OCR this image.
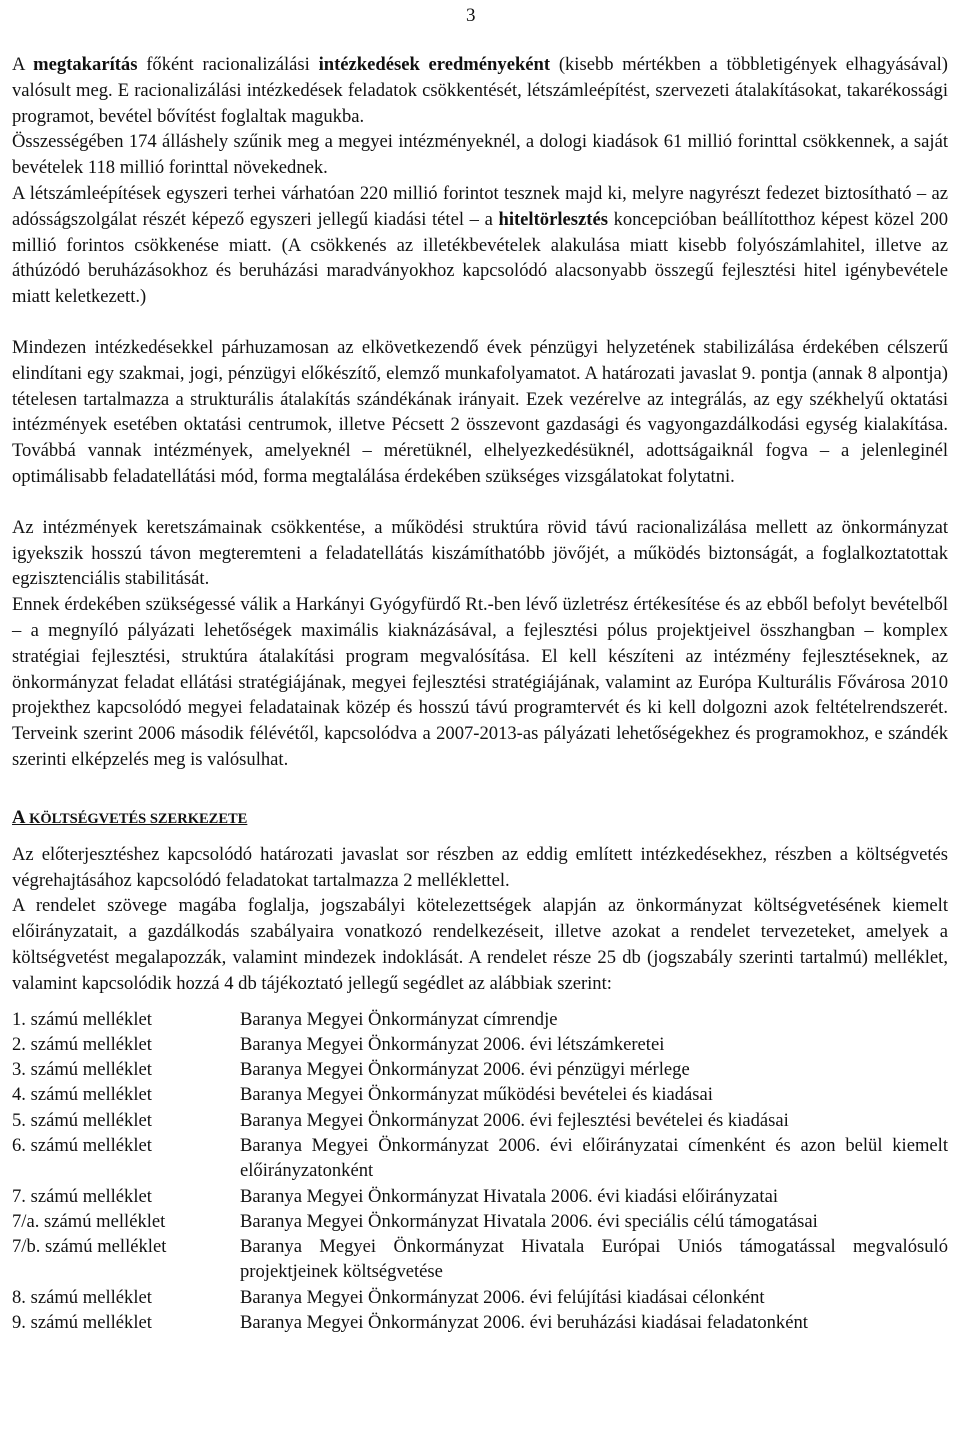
3

A megtakarítás főként racionalizálási intézkedések eredményeként (kisebb mértékben a többletigények elhagyásával) valósult meg. E racionalizálási intézkedések feladatok csökkentését, létszámleépítést, szervezeti átalakításokat, takarékossági programot, bevétel bővítést foglaltak magukba.

Összességében 174 álláshely szűnik meg a megyei intézményeknél, a dologi kiadások 61 millió forinttal csökkennek, a saját bevételek 118 millió forinttal növekednek.

A létszámleépítések egyszeri terhei várhatóan 220 millió forintot tesznek majd ki, melyre nagyrészt fedezet biztosítható – az adósságszolgálat részét képező egyszeri jellegű kiadási tétel – a hiteltörlesztés koncepcióban beállítotthoz képest közel 200 millió forintos csökkenése miatt. (A csökkenés az illetékbevételek alakulása miatt kisebb folyószámlahitel, illetve az áthúzódó beruházásokhoz és beruházási maradványokhoz kapcsolódó alacsonyabb összegű fejlesztési hitel igénybevétele miatt keletkezett.)

Mindezen intézkedésekkel párhuzamosan az elkövetkezendő évek pénzügyi helyzetének stabilizálása érdekében célszerű elindítani egy szakmai, jogi, pénzügyi előkészítő, elemző munkafolyamatot. A határozati javaslat 9. pontja (annak 8 alpontja) tételesen tartalmazza a strukturális átalakítás szándékának irányait. Ezek vezérelve az integrálás, az egy székhelyű oktatási intézmények esetében oktatási centrumok, illetve Pécsett 2 összevont gazdasági és vagyongazdálkodási egység kialakítása. Továbbá vannak intézmények, amelyeknél – méretüknél, elhelyezkedésüknél, adottságaiknál fogva – a jelenleginél optimálisabb feladatellátási mód, forma megtalálása érdekében szükséges vizsgálatokat folytatni.

Az intézmények keretszámainak csökkentése, a működési struktúra rövid távú racionalizálása mellett az önkormányzat igyekszik hosszú távon megteremteni a feladatellátás kiszámíthatóbb jövőjét, a működés biztonságát, a foglalkoztatottak egzisztenciális stabilitását.

Ennek érdekében szükségessé válik a Harkányi Gyógyfürdő Rt.-ben lévő üzletrész értékesítése és az ebből befolyt bevételből – a megnyíló pályázati lehetőségek maximális kiaknázásával, a fejlesztési pólus projektjeivel összhangban – komplex stratégiai fejlesztési, struktúra átalakítási program megvalósítása. El kell készíteni az intézmény fejlesztéseknek, az önkormányzat feladat ellátási stratégiájának, megyei fejlesztési stratégiájának, valamint az Európa Kulturális Fővárosa 2010 projekthez kapcsolódó megyei feladatainak közép és hosszú távú programtervét és ki kell dolgozni azok feltételrendszerét. Terveink szerint 2006 második félévétől, kapcsolódva a 2007-2013-as pályázati lehetőségekhez és programokhoz, e szándék szerinti elképzelés meg is valósulhat.

A KÖLTSÉGVETÉS SZERKEZETE

Az előterjesztéshez kapcsolódó határozati javaslat sor részben az eddig említett intézkedésekhez, részben a költségvetés végrehajtásához kapcsolódó feladatokat tartalmazza 2 melléklettel.

A rendelet szövege magába foglalja, jogszabályi kötelezettségek alapján az önkormányzat költségvetésének kiemelt előirányzatait, a gazdálkodás szabályaira vonatkozó rendelkezéseit, illetve azokat a rendelet tervezeteket, amelyek a költségvetést megalapozzák, valamint mindezek indoklását. A rendelet része 25 db (jogszabály szerinti tartalmú) melléklet, valamint kapcsolódik hozzá 4 db tájékoztató jellegű segédlet az alábbiak szerint:

1. számú melléklet	Baranya Megyei Önkormányzat címrendje
2. számú melléklet	Baranya Megyei Önkormányzat 2006. évi létszámkeretei
3. számú melléklet	Baranya Megyei Önkormányzat 2006. évi pénzügyi mérlege
4. számú melléklet	Baranya Megyei Önkormányzat működési bevételei és kiadásai
5. számú melléklet	Baranya Megyei Önkormányzat 2006. évi fejlesztési bevételei és kiadásai
6. számú melléklet	Baranya Megyei Önkormányzat 2006. évi előirányzatai címenként és azon belül kiemelt előirányzatonként
7. számú melléklet	Baranya Megyei Önkormányzat Hivatala 2006. évi kiadási előirányzatai
7/a. számú melléklet	Baranya Megyei Önkormányzat Hivatala 2006. évi speciális célú támogatásai
7/b. számú melléklet	Baranya Megyei Önkormányzat Hivatala Európai Uniós támogatással megvalósuló projektjeinek költségvetése
8. számú melléklet	Baranya Megyei Önkormányzat 2006. évi felújítási kiadásai célonként
9. számú melléklet	Baranya Megyei Önkormányzat 2006. évi beruházási kiadásai feladatonként
